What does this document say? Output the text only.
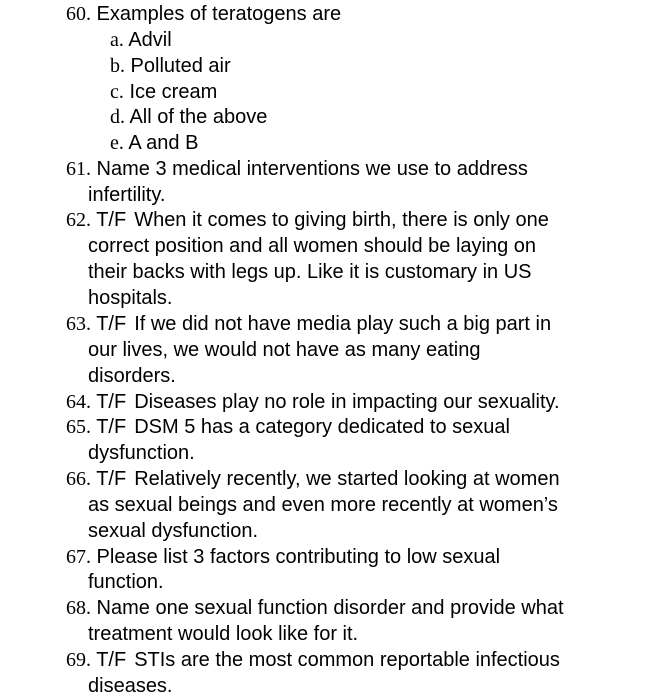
60. Examples of teratogens are
a. Advil
b. Polluted air
c. Ice cream
d. All of the above
e. A and B
61. Name 3 medical interventions we use to address
infertility.
62. T/F When it comes to giving birth, there is only one
correct position and all women should be laying on
their backs with legs up. Like it is customary in US
hospitals.
63. T/F If we did not have media play such a big part in
our lives, we would not have as many eating
disorders.
64. T/F Diseases play no role in impacting our sexuality.
65. T/F DSM 5 has a category dedicated to sexual
dysfunction.
66. T/F Relatively recently, we started looking at women
as sexual beings and even more recently at women’s
sexual dysfunction.
67. Please list 3 factors contributing to low sexual
function.
68. Name one sexual function disorder and provide what
treatment would look like for it.
69. T/F STIs are the most common reportable infectious
diseases.
